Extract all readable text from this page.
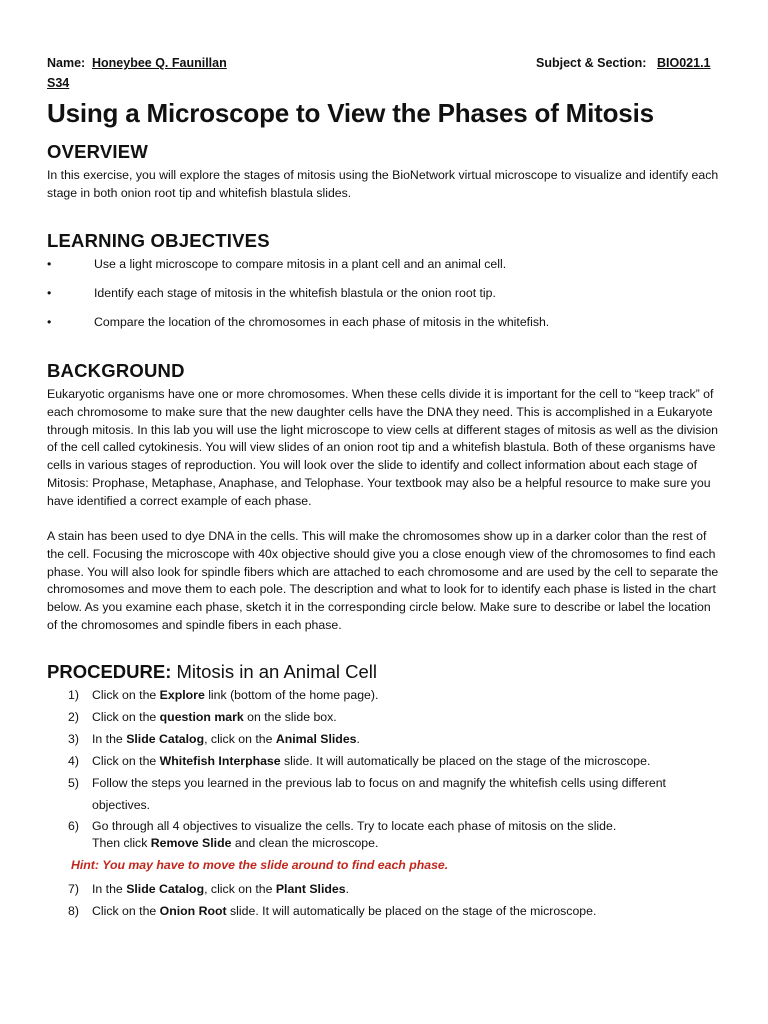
Name: Honeybee Q. Faunillan	Subject & Section: BIO021.1
S34
Using a Microscope to View the Phases of Mitosis
OVERVIEW
In this exercise, you will explore the stages of mitosis using the BioNetwork virtual microscope to visualize and identify each stage in both onion root tip and whitefish blastula slides.
LEARNING OBJECTIVES
•	Use a light microscope to compare mitosis in a plant cell and an animal cell.
•	Identify each stage of mitosis in the whitefish blastula or the onion root tip.
•	Compare the location of the chromosomes in each phase of mitosis in the whitefish.
BACKGROUND
Eukaryotic organisms have one or more chromosomes. When these cells divide it is important for the cell to “keep track” of each chromosome to make sure that the new daughter cells have the DNA they need. This is accomplished in a Eukaryote through mitosis. In this lab you will use the light microscope to view cells at different stages of mitosis as well as the division of the cell called cytokinesis. You will view slides of an onion root tip and a whitefish blastula. Both of these organisms have cells in various stages of reproduction. You will look over the slide to identify and collect information about each stage of Mitosis: Prophase, Metaphase, Anaphase, and Telophase. Your textbook may also be a helpful resource to make sure you have identified a correct example of each phase.
A stain has been used to dye DNA in the cells. This will make the chromosomes show up in a darker color than the rest of the cell. Focusing the microscope with 40x objective should give you a close enough view of the chromosomes to find each phase. You will also look for spindle fibers which are attached to each chromosome and are used by the cell to separate the chromosomes and move them to each pole. The description and what to look for to identify each phase is listed in the chart below. As you examine each phase, sketch it in the corresponding circle below. Make sure to describe or label the location of the chromosomes and spindle fibers in each phase.
PROCEDURE: Mitosis in an Animal Cell
1) Click on the Explore link (bottom of the home page).
2) Click on the question mark on the slide box.
3) In the Slide Catalog, click on the Animal Slides.
4) Click on the Whitefish Interphase slide. It will automatically be placed on the stage of the microscope.
5) Follow the steps you learned in the previous lab to focus on and magnify the whitefish cells using different objectives.
6) Go through all 4 objectives to visualize the cells. Try to locate each phase of mitosis on the slide.
Then click Remove Slide and clean the microscope.
Hint: You may have to move the slide around to find each phase.
7) In the Slide Catalog, click on the Plant Slides.
8) Click on the Onion Root slide. It will automatically be placed on the stage of the microscope.
